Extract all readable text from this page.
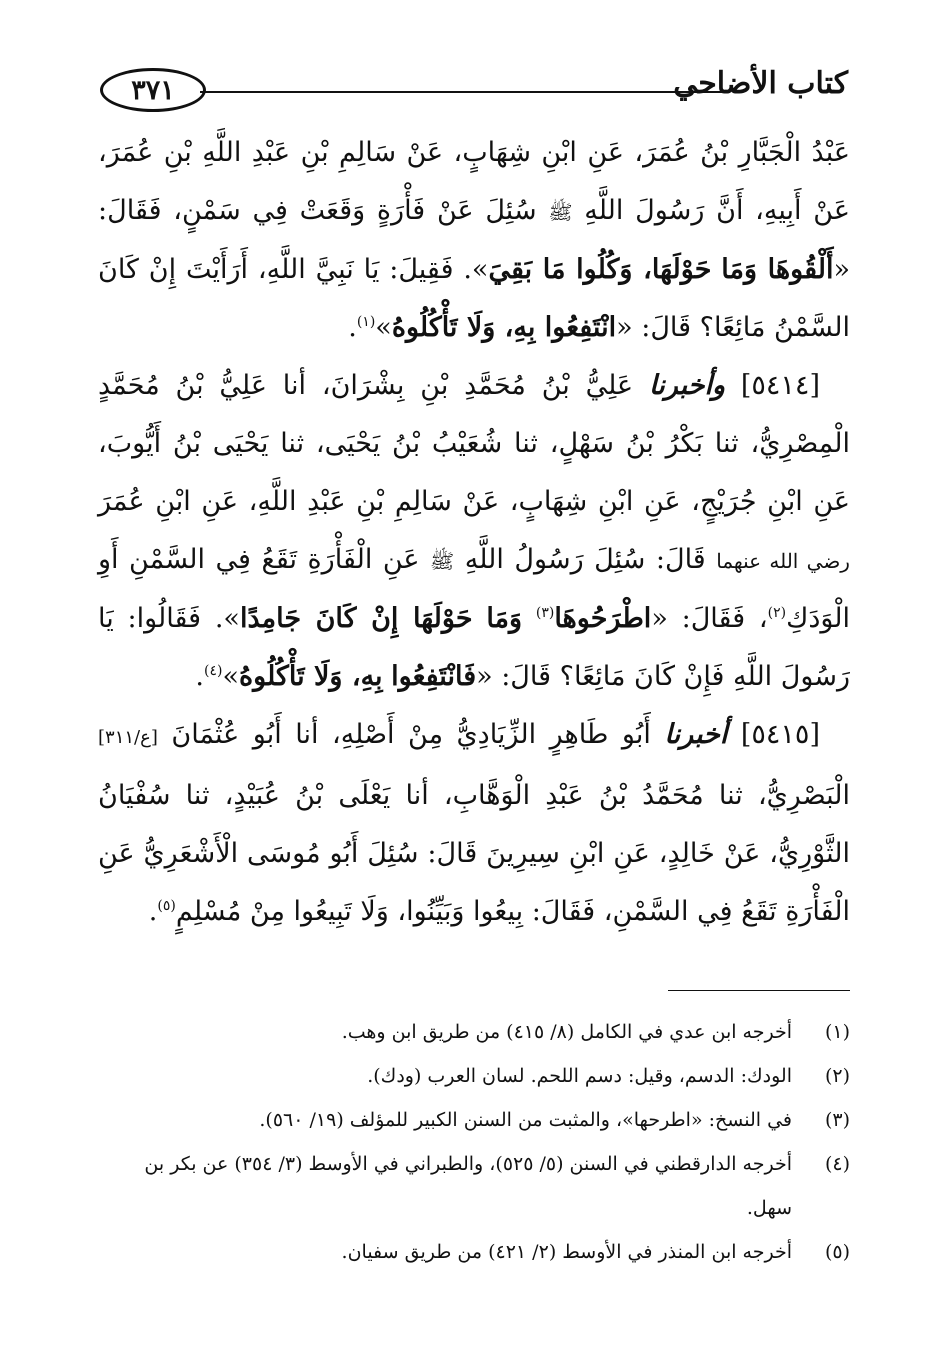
٣٧١	كتاب الأضاحي

عَبْدُ الْجَبَّارِ بْنُ عُمَرَ، عَنِ ابْنِ شِهَابٍ، عَنْ سَالِمِ بْنِ عَبْدِ اللَّهِ بْنِ عُمَرَ، عَنْ أَبِيهِ، أَنَّ رَسُولَ اللَّهِ ﷺ سُئِلَ عَنْ فَأْرَةٍ وَقَعَتْ فِي سَمْنٍ، فَقَالَ: «أَلْقُوهَا وَمَا حَوْلَهَا، وَكُلُوا مَا بَقِيَ». فَقِيلَ: يَا نَبِيَّ اللَّهِ، أَرَأَيْتَ إِنْ كَانَ السَّمْنُ مَائِعًا؟ قَالَ: «انْتَفِعُوا بِهِ، وَلَا تَأْكُلُوهُ»$^{(١)}$.

[٥٤١٤] وأخبرنا عَلِيُّ بْنُ مُحَمَّدِ بْنِ بِشْرَانَ، أنا عَلِيُّ بْنُ مُحَمَّدٍ الْمِصْرِيُّ، ثنا بَكْرُ بْنُ سَهْلٍ، ثنا شُعَيْبُ بْنُ يَحْيَى، ثنا يَحْيَى بْنُ أَيُّوبَ، عَنِ ابْنِ جُرَيْجٍ، عَنِ ابْنِ شِهَابٍ، عَنْ سَالِمِ بْنِ عَبْدِ اللَّهِ، عَنِ ابْنِ عُمَرَ رضي الله عنهما قَالَ: سُئِلَ رَسُولُ اللَّهِ ﷺ عَنِ الْفَأْرَةِ تَقَعُ فِي السَّمْنِ أَوِ الْوَدَكِ$^{(٢)}$، فَقَالَ: «اطْرَحُوهَا$^{(٣)}$ وَمَا حَوْلَهَا إِنْ كَانَ جَامِدًا». فَقَالُوا: يَا رَسُولَ اللَّهِ فَإِنْ كَانَ مَائِعًا؟ قَالَ: «فَانْتَفِعُوا بِهِ، وَلَا تَأْكُلُوهُ»$^{(٤)}$.

[٥٤١٥] أخبرنا أَبُو طَاهِرٍ الزِّيَادِيُّ مِنْ أَصْلِهِ، أنا أَبُو عُثْمَانَ [ع/٣١١] الْبَصْرِيُّ، ثنا مُحَمَّدُ بْنُ عَبْدِ الْوَهَّابِ، أنا يَعْلَى بْنُ عُبَيْدٍ، ثنا سُفْيَانُ الثَّوْرِيُّ، عَنْ خَالِدٍ، عَنِ ابْنِ سِيرِينَ قَالَ: سُئِلَ أَبُو مُوسَى الْأَشْعَرِيُّ عَنِ الْفَأْرَةِ تَقَعُ فِي السَّمْنِ، فَقَالَ: بِيعُوا وَبَيِّنُوا، وَلَا تَبِيعُوا مِنْ مُسْلِمٍ$^{(٥)}$.

(١)
أخرجه ابن عدي في الكامل (٨/ ٤١٥) من طريق ابن وهب.
(٢)
الودك: الدسم، وقيل: دسم اللحم. لسان العرب (ودك).
(٣)
في النسخ: «اطرحها»، والمثبت من السنن الكبير للمؤلف (١٩/ ٥٦٠).
(٤)
أخرجه الدارقطني في السنن (٥/ ٥٢٥)، والطبراني في الأوسط (٣/ ٣٥٤) عن بكر بن سهل.
(٥)
أخرجه ابن المنذر في الأوسط (٢/ ٤٢١) من طريق سفيان.
